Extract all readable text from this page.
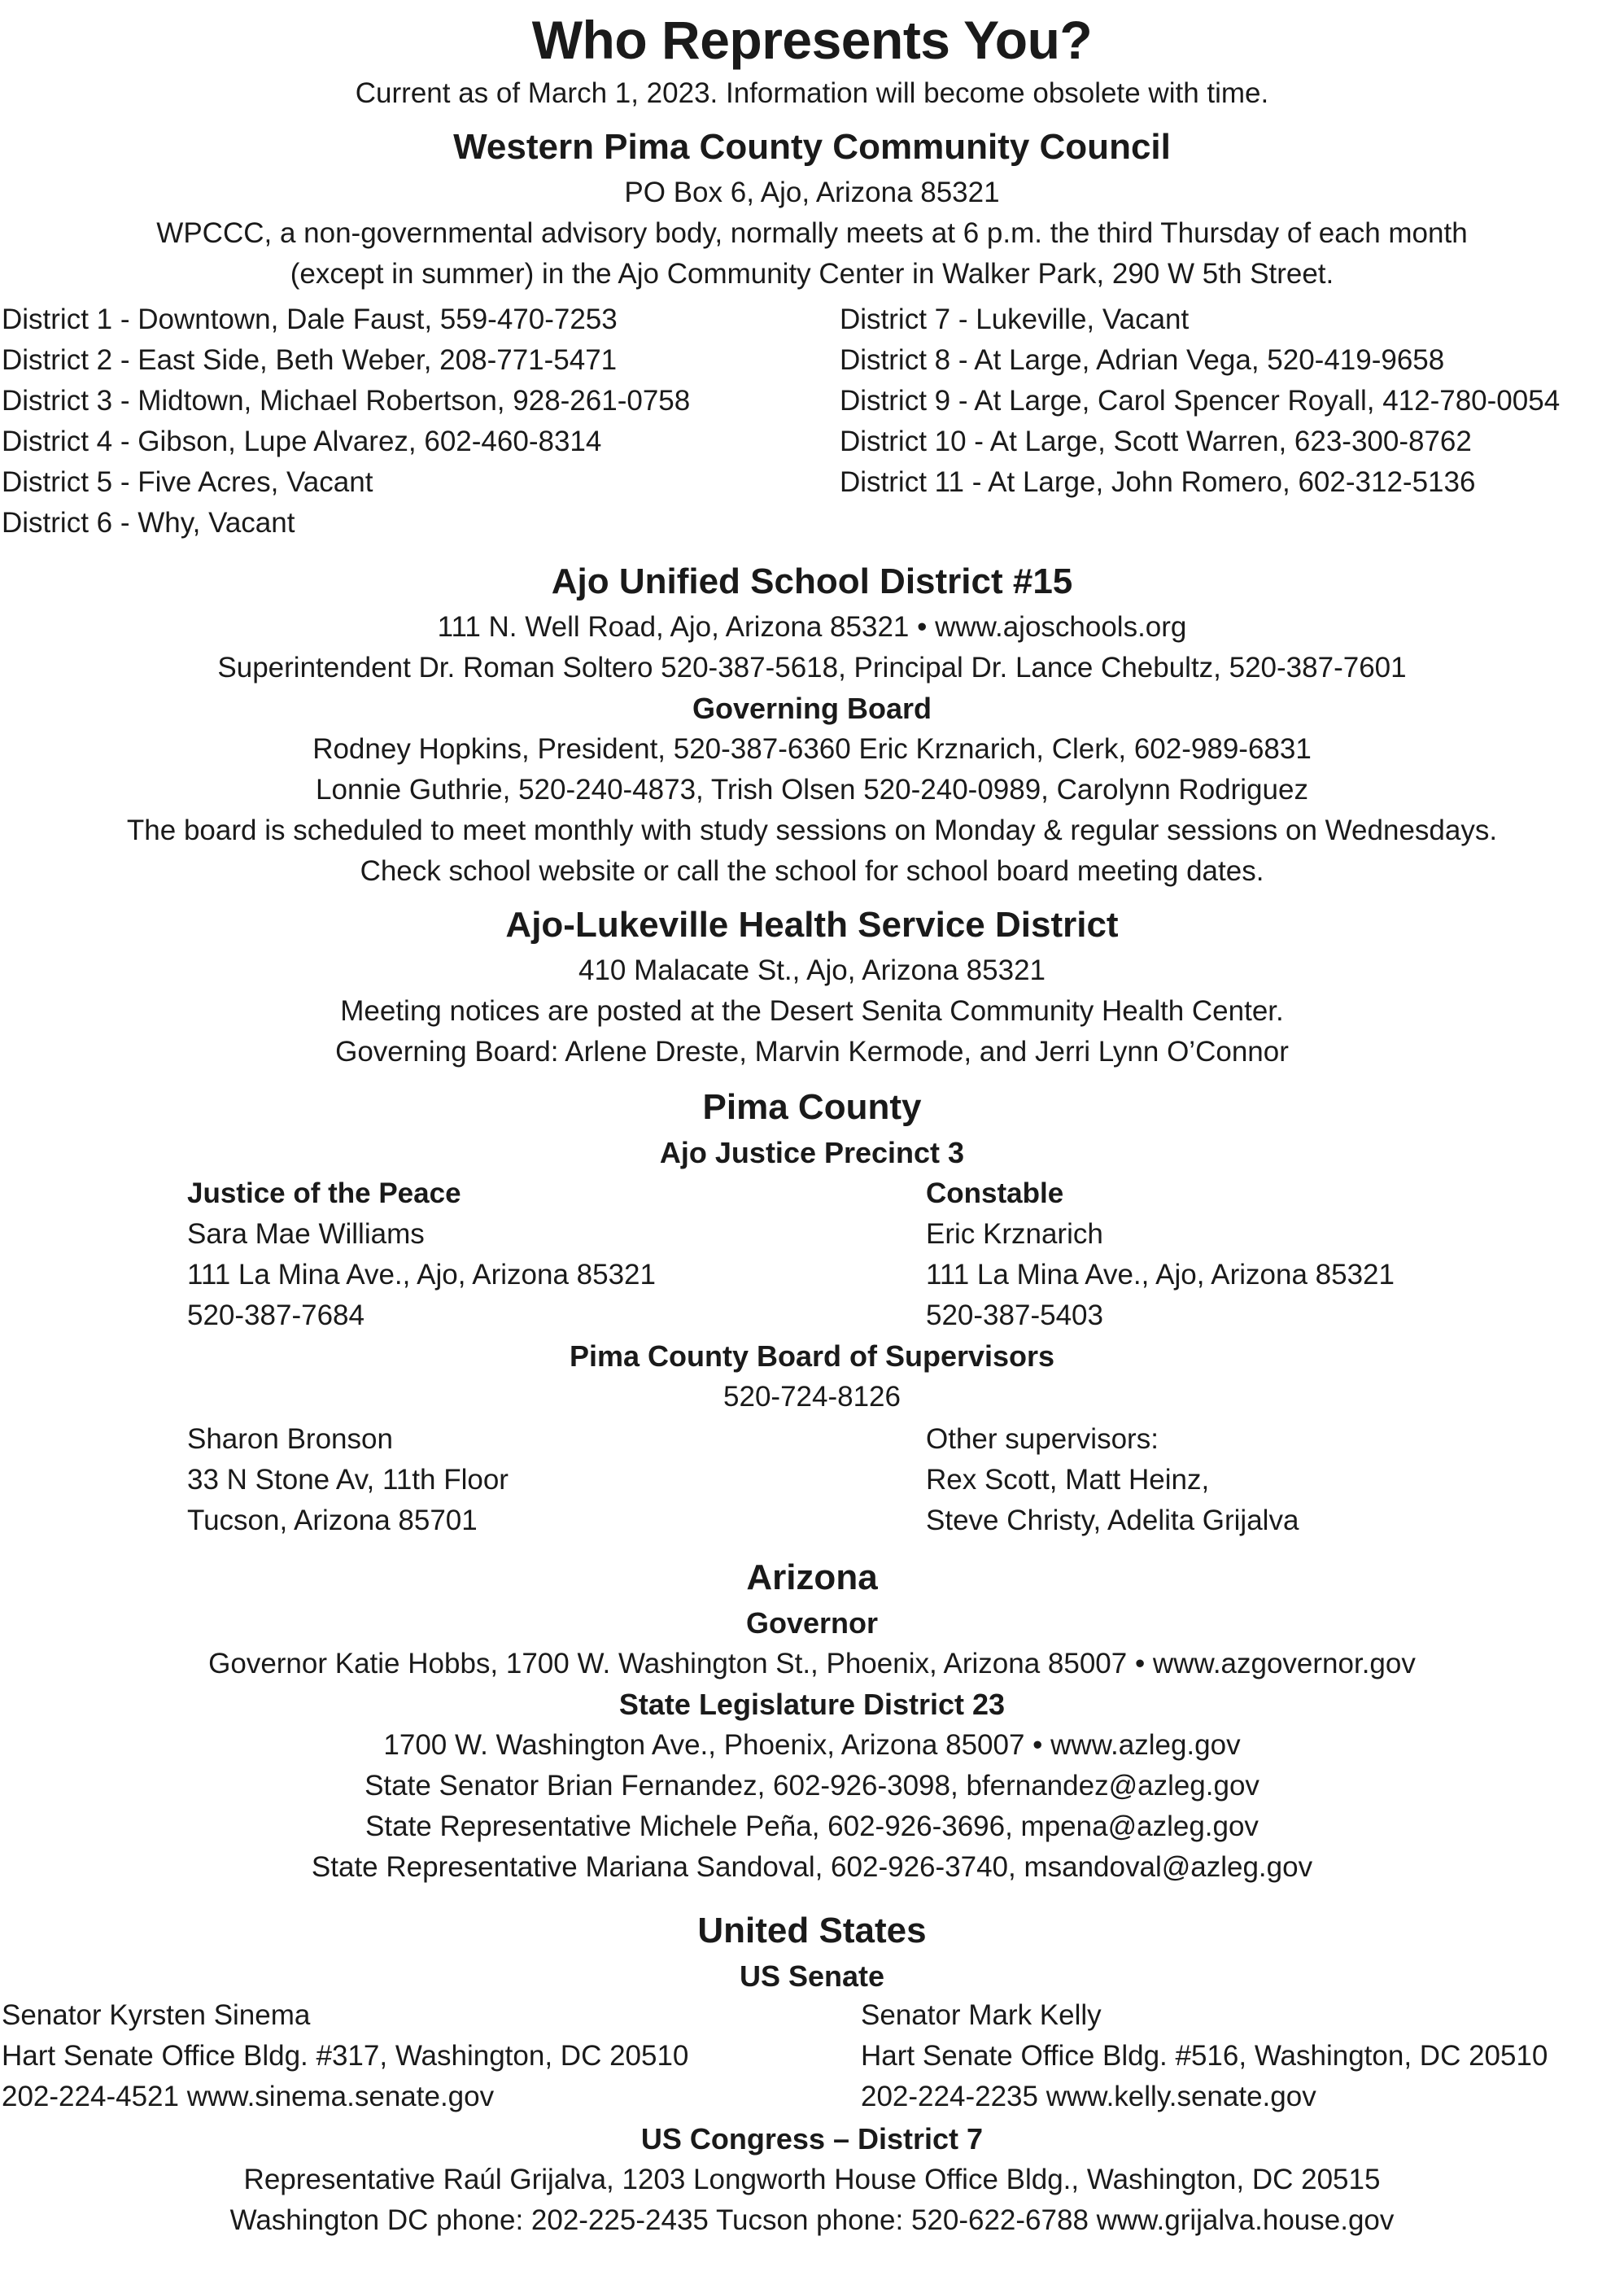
Who Represents You?
Current as of March 1, 2023. Information will become obsolete with time.
Western Pima County Community Council
PO Box 6, Ajo, Arizona 85321
WPCCC, a non-governmental advisory body, normally meets at 6 p.m. the third Thursday of each month
(except in summer) in the Ajo Community Center in Walker Park, 290 W 5th Street.
District 1 - Downtown, Dale Faust, 559-470-7253
District 2 - East Side, Beth Weber, 208-771-5471
District 3 - Midtown, Michael Robertson, 928-261-0758
District 4 - Gibson, Lupe Alvarez, 602-460-8314
District 5 - Five Acres, Vacant
District 6 - Why, Vacant
District 7 - Lukeville, Vacant
District 8 - At Large, Adrian Vega, 520-419-9658
District 9 - At Large, Carol Spencer Royall, 412-780-0054
District 10 - At Large, Scott Warren, 623-300-8762
District 11 - At Large, John Romero, 602-312-5136
Ajo Unified School District #15
111 N. Well Road, Ajo, Arizona 85321 • www.ajoschools.org
Superintendent Dr. Roman Soltero 520-387-5618, Principal Dr. Lance Chebultz, 520-387-7601
Governing Board
Rodney Hopkins, President, 520-387-6360 Eric Krznarich, Clerk, 602-989-6831
Lonnie Guthrie, 520-240-4873, Trish Olsen 520-240-0989, Carolynn Rodriguez
The board is scheduled to meet monthly with study sessions on Monday & regular sessions on Wednesdays.
Check school website or call the school for school board meeting dates.
Ajo-Lukeville Health Service District
410 Malacate St., Ajo, Arizona 85321
Meeting notices are posted at the Desert Senita Community Health Center.
Governing Board: Arlene Dreste, Marvin Kermode, and Jerri Lynn O’Connor
Pima County
Ajo Justice Precinct 3
Justice of the Peace
Sara Mae Williams
111 La Mina Ave., Ajo, Arizona 85321
520-387-7684
Constable
Eric Krznarich
111 La Mina Ave., Ajo, Arizona 85321
520-387-5403
Pima County Board of Supervisors
520-724-8126
Sharon Bronson
33 N Stone Av, 11th Floor
Tucson, Arizona 85701
Other supervisors:
Rex Scott, Matt Heinz,
Steve Christy, Adelita Grijalva
Arizona
Governor
Governor Katie Hobbs, 1700 W. Washington St., Phoenix, Arizona 85007 • www.azgovernor.gov
State Legislature District 23
1700 W. Washington Ave., Phoenix, Arizona 85007 • www.azleg.gov
State Senator Brian Fernandez, 602-926-3098, bfernandez@azleg.gov
State Representative Michele Peña, 602-926-3696, mpena@azleg.gov
State Representative Mariana Sandoval, 602-926-3740, msandoval@azleg.gov
United States
US Senate
Senator Kyrsten Sinema
Hart Senate Office Bldg. #317, Washington, DC 20510
202-224-4521 www.sinema.senate.gov
Senator Mark Kelly
Hart Senate Office Bldg. #516, Washington, DC 20510
202-224-2235 www.kelly.senate.gov
US Congress – District 7
Representative Raúl Grijalva, 1203 Longworth House Office Bldg., Washington, DC 20515
Washington DC phone: 202-225-2435 Tucson phone: 520-622-6788 www.grijalva.house.gov
